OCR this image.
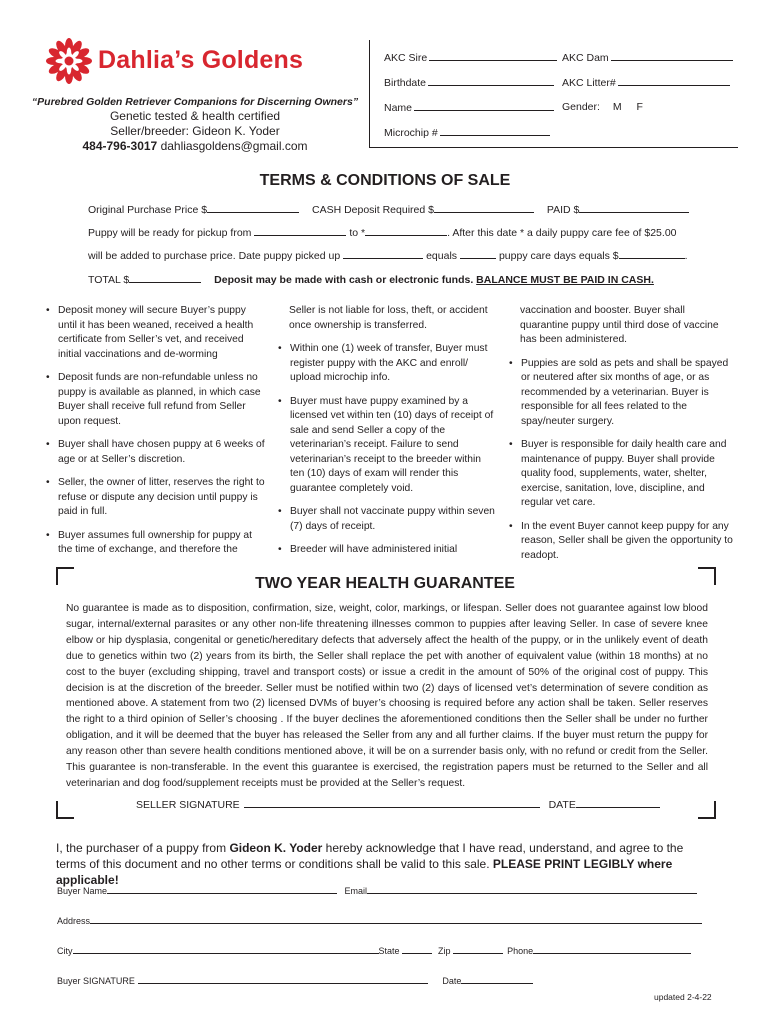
Dahlia’s Goldens
“Purebred Golden Retriever Companions for Discerning Owners”
Genetic tested & health certified
Seller/breeder: Gideon K. Yoder
484-796-3017 dahliasgoldens@gmail.com
AKC Sire	AKC Dam
Birthdate	AKC Litter#
Name	Gender: M F
Microchip #
TERMS & CONDITIONS OF SALE
Original Purchase Price $	CASH Deposit Required $	PAID $
Puppy will be ready for pickup from	to *	. After this date * a daily puppy care fee of $25.00
will be added to purchase price. Date puppy picked up	equals	puppy care days equals $	.
TOTAL $	Deposit may be made with cash or electronic funds. BALANCE MUST BE PAID IN CASH.
• Deposit money will secure Buyer’s puppy until it has been weaned, received a health certificate from Seller’s vet, and received initial vaccinations and de-worming
• Deposit funds are non-refundable unless no puppy is available as planned, in which case Buyer shall receive full refund from Seller upon request.
• Buyer shall have chosen puppy at 6 weeks of age or at Seller’s discretion.
• Seller, the owner of litter, reserves the right to refuse or dispute any decision until puppy is paid in full.
• Buyer assumes full ownership for puppy at the time of exchange, and therefore the
Seller is not liable for loss, theft, or accident once ownership is transferred.
• Within one (1) week of transfer, Buyer must register puppy with the AKC and enroll/ upload microchip info.
• Buyer must have puppy examined by a licensed vet within ten (10) days of receipt of sale and send Seller a copy of the veterinarian’s receipt. Failure to send veterinarian’s receipt to the breeder within ten (10) days of exam will render this guarantee completely void.
• Buyer shall not vaccinate puppy within seven (7) days of receipt.
• Breeder will have administered initial
vaccination and booster. Buyer shall quarantine puppy until third dose of vaccine has been administered.
• Puppies are sold as pets and shall be spayed or neutered after six months of age, or as recommended by a veterinarian. Buyer is responsible for all fees related to the spay/neuter surgery.
• Buyer is responsible for daily health care and maintenance of puppy. Buyer shall provide quality food, supplements, water, shelter, exercise, sanitation, love, discipline, and regular vet care.
• In the event Buyer cannot keep puppy for any reason, Seller shall be given the opportunity to readopt.
TWO YEAR HEALTH GUARANTEE
No guarantee is made as to disposition, confirmation, size, weight, color, markings, or lifespan. Seller does not guarantee against low blood sugar, internal/external parasites or any other non-life threatening illnesses common to puppies after leaving Seller. In case of severe knee elbow or hip dysplasia, congenital or genetic/hereditary defects that adversely affect the health of the puppy, or in the unlikely event of death due to genetics within two (2) years from its birth, the Seller shall replace the pet with another of equivalent value (within 18 months) at no cost to the buyer (excluding shipping, travel and transport costs) or issue a credit in the amount of 50% of the original cost of puppy. This decision is at the discretion of the breeder. Seller must be notified within two (2) days of licensed vet’s determination of severe condition as mentioned above. A statement from two (2) licensed DVMs of buyer’s choosing is required before any action shall be taken. Seller reserves the right to a third opinion of Seller’s choosing . If the buyer declines the aforementioned conditions then the Seller shall be under no further obligation, and it will be deemed that the buyer has released the Seller from any and all further claims. If the buyer must return the puppy for any reason other than severe health conditions mentioned above, it will be on a surrender basis only, with no refund or credit from the Seller. This guarantee is non-transferable. In the event this guarantee is exercised, the registration papers must be returned to the Seller and all veterinarian and dog food/supplement receipts must be provided at the Seller’s request.
SELLER SIGNATURE	DATE
I, the purchaser of a puppy from Gideon K. Yoder hereby acknowledge that I have read, understand, and agree to the terms of this document and no other terms or conditions shall be valid to this sale. PLEASE PRINT LEGIBLY where applicable!
Buyer Name	Email
Address
City	State	Zip	Phone
Buyer SIGNATURE	Date
updated 2-4-22
